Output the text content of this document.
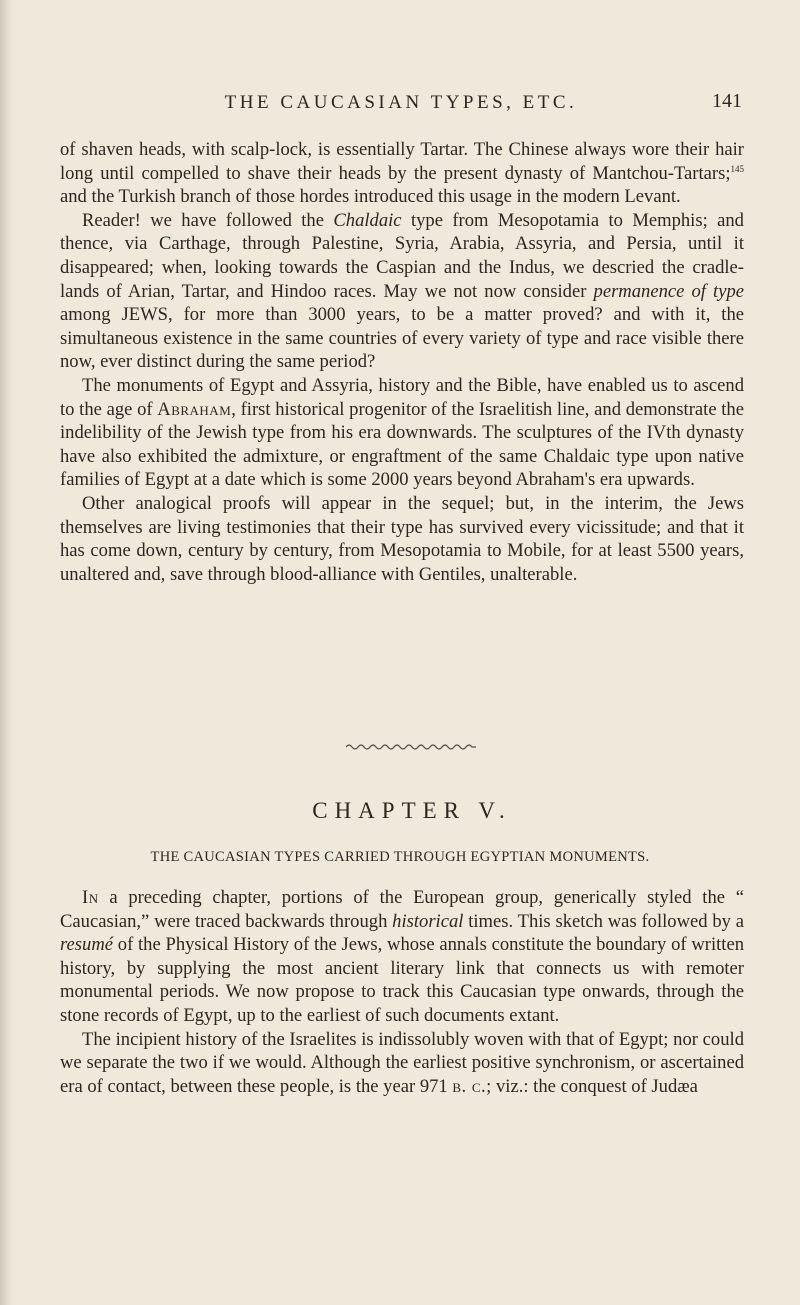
THE CAUCASIAN TYPES, ETC.	141

of shaven heads, with scalp-lock, is essentially Tartar. The Chinese always wore their hair long until compelled to shave their heads by the present dynasty of Mantchou-Tartars;$^{145}$ and the Turkish branch of those hordes introduced this usage in the modern Levant.

Reader! we have followed the Chaldaic type from Mesopotamia to Memphis; and thence, via Carthage, through Palestine, Syria, Arabia, Assyria, and Persia, until it disappeared; when, looking towards the Caspian and the Indus, we descried the cradle-lands of Arian, Tartar, and Hindoo races. May we not now consider permanence of type among JEWS, for more than 3000 years, to be a matter proved? and with it, the simultaneous existence in the same countries of every variety of type and race visible there now, ever distinct during the same period?

The monuments of Egypt and Assyria, history and the Bible, have enabled us to ascend to the age of Abraham, first historical progenitor of the Israelitish line, and demonstrate the indelibility of the Jewish type from his era downwards. The sculptures of the IVth dynasty have also exhibited the admixture, or engraftment of the same Chaldaic type upon native families of Egypt at a date which is some 2000 years beyond Abraham's era upwards.

Other analogical proofs will appear in the sequel; but, in the interim, the Jews themselves are living testimonies that their type has survived every vicissitude; and that it has come down, century by century, from Mesopotamia to Mobile, for at least 5500 years, unaltered and, save through blood-alliance with Gentiles, unalterable.

CHAPTER V.
THE CAUCASIAN TYPES CARRIED THROUGH EGYPTIAN MONUMENTS.

In a preceding chapter, portions of the European group, generically styled the “ Caucasian,” were traced backwards through historical times. This sketch was followed by a resumé of the Physical History of the Jews, whose annals constitute the boundary of written history, by supplying the most ancient literary link that connects us with remoter monumental periods. We now propose to track this Caucasian type onwards, through the stone records of Egypt, up to the earliest of such documents extant.

The incipient history of the Israelites is indissolubly woven with that of Egypt; nor could we separate the two if we would. Although the earliest positive synchronism, or ascertained era of contact, between these people, is the year 971 b. c.; viz.: the conquest of Judæa
